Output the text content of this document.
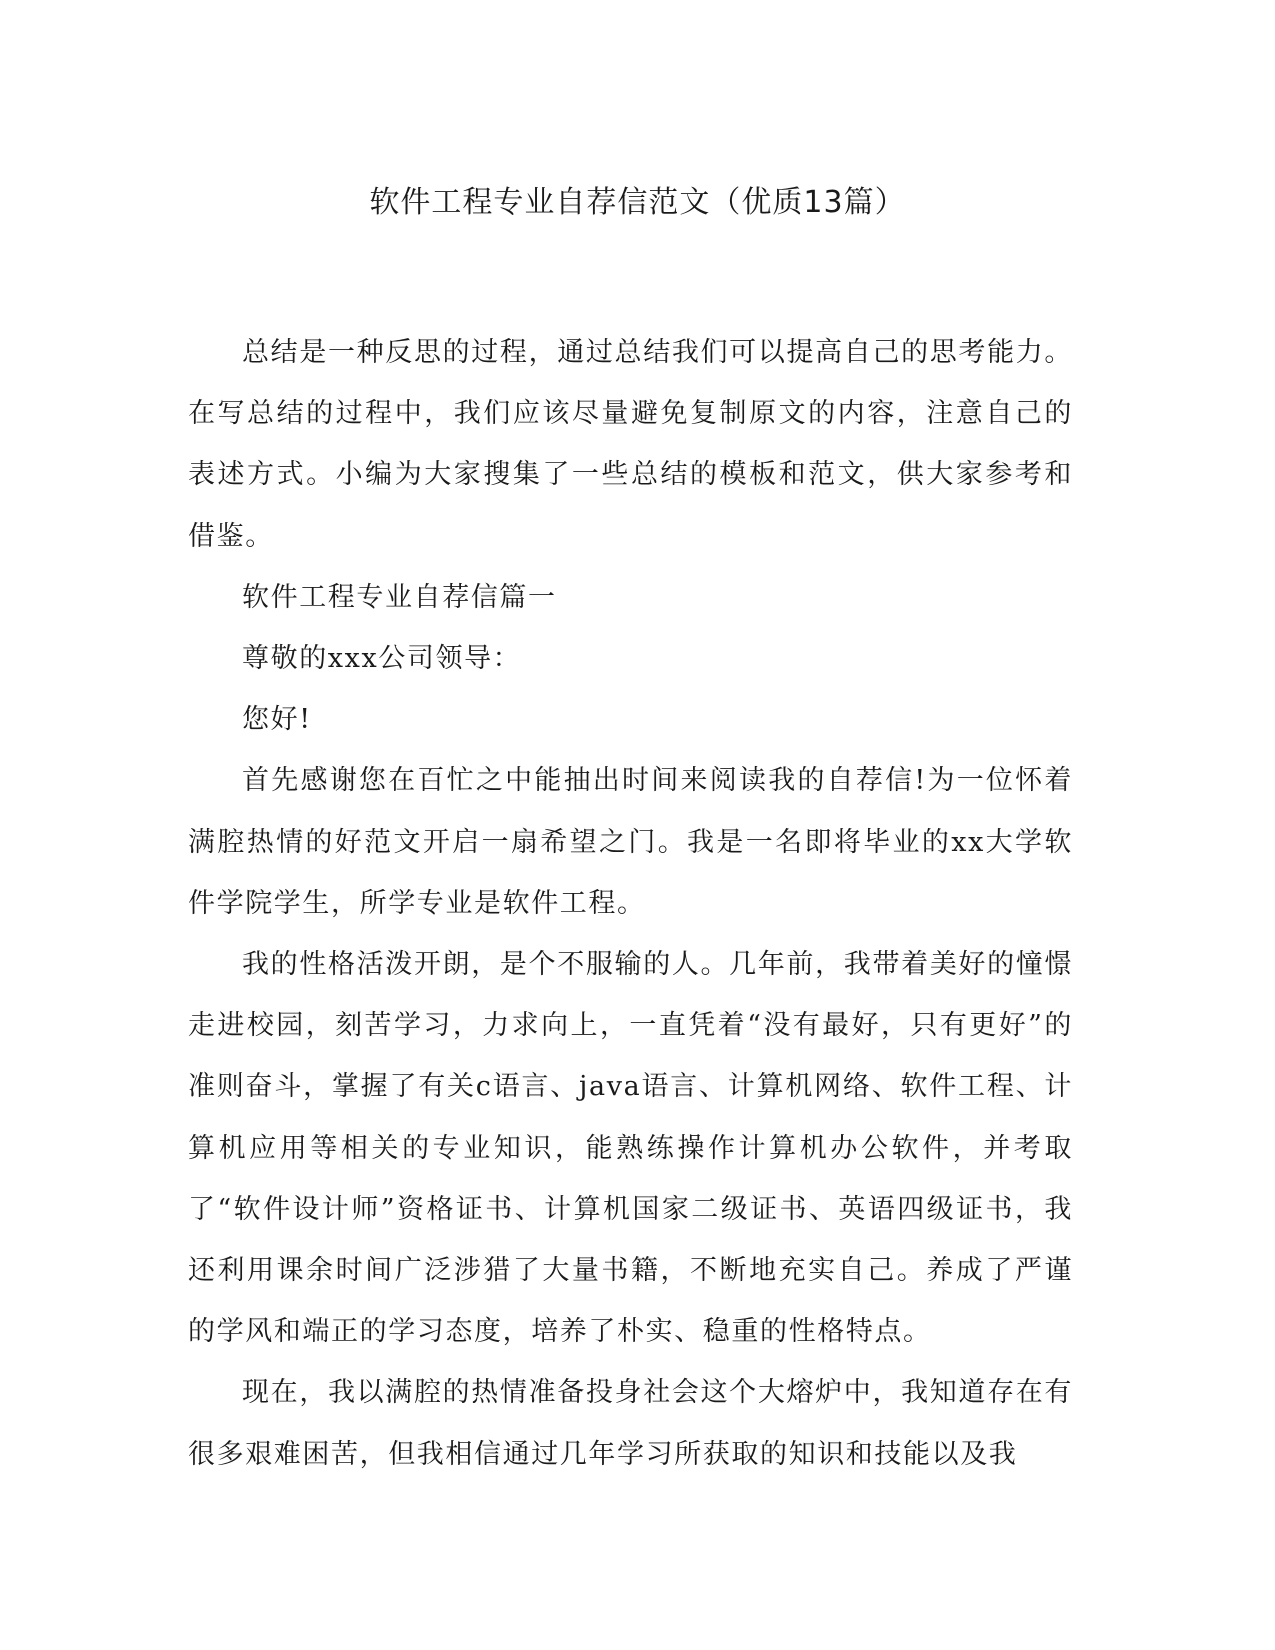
软件工程专业自荐信范文（优质13篇）

总结是一种反思的过程，通过总结我们可以提高自己的思考能力。在写总结的过程中，我们应该尽量避免复制原文的内容，注意自己的表述方式。小编为大家搜集了一些总结的模板和范文，供大家参考和借鉴。

软件工程专业自荐信篇一

尊敬的xxx公司领导：

您好!

首先感谢您在百忙之中能抽出时间来阅读我的自荐信!为一位怀着满腔热情的好范文开启一扇希望之门。我是一名即将毕业的xx大学软件学院学生，所学专业是软件工程。

我的性格活泼开朗，是个不服输的人。几年前，我带着美好的憧憬走进校园，刻苦学习，力求向上，一直凭着“没有最好，只有更好”的准则奋斗，掌握了有关c语言、java语言、计算机网络、软件工程、计算机应用等相关的专业知识，能熟练操作计算机办公软件，并考取了“软件设计师”资格证书、计算机国家二级证书、英语四级证书，我还利用课余时间广泛涉猎了大量书籍，不断地充实自己。养成了严谨的学风和端正的学习态度，培养了朴实、稳重的性格特点。

现在，我以满腔的热情准备投身社会这个大熔炉中，我知道存在有很多艰难困苦，但我相信通过几年学习所获取的知识和技能以及我
